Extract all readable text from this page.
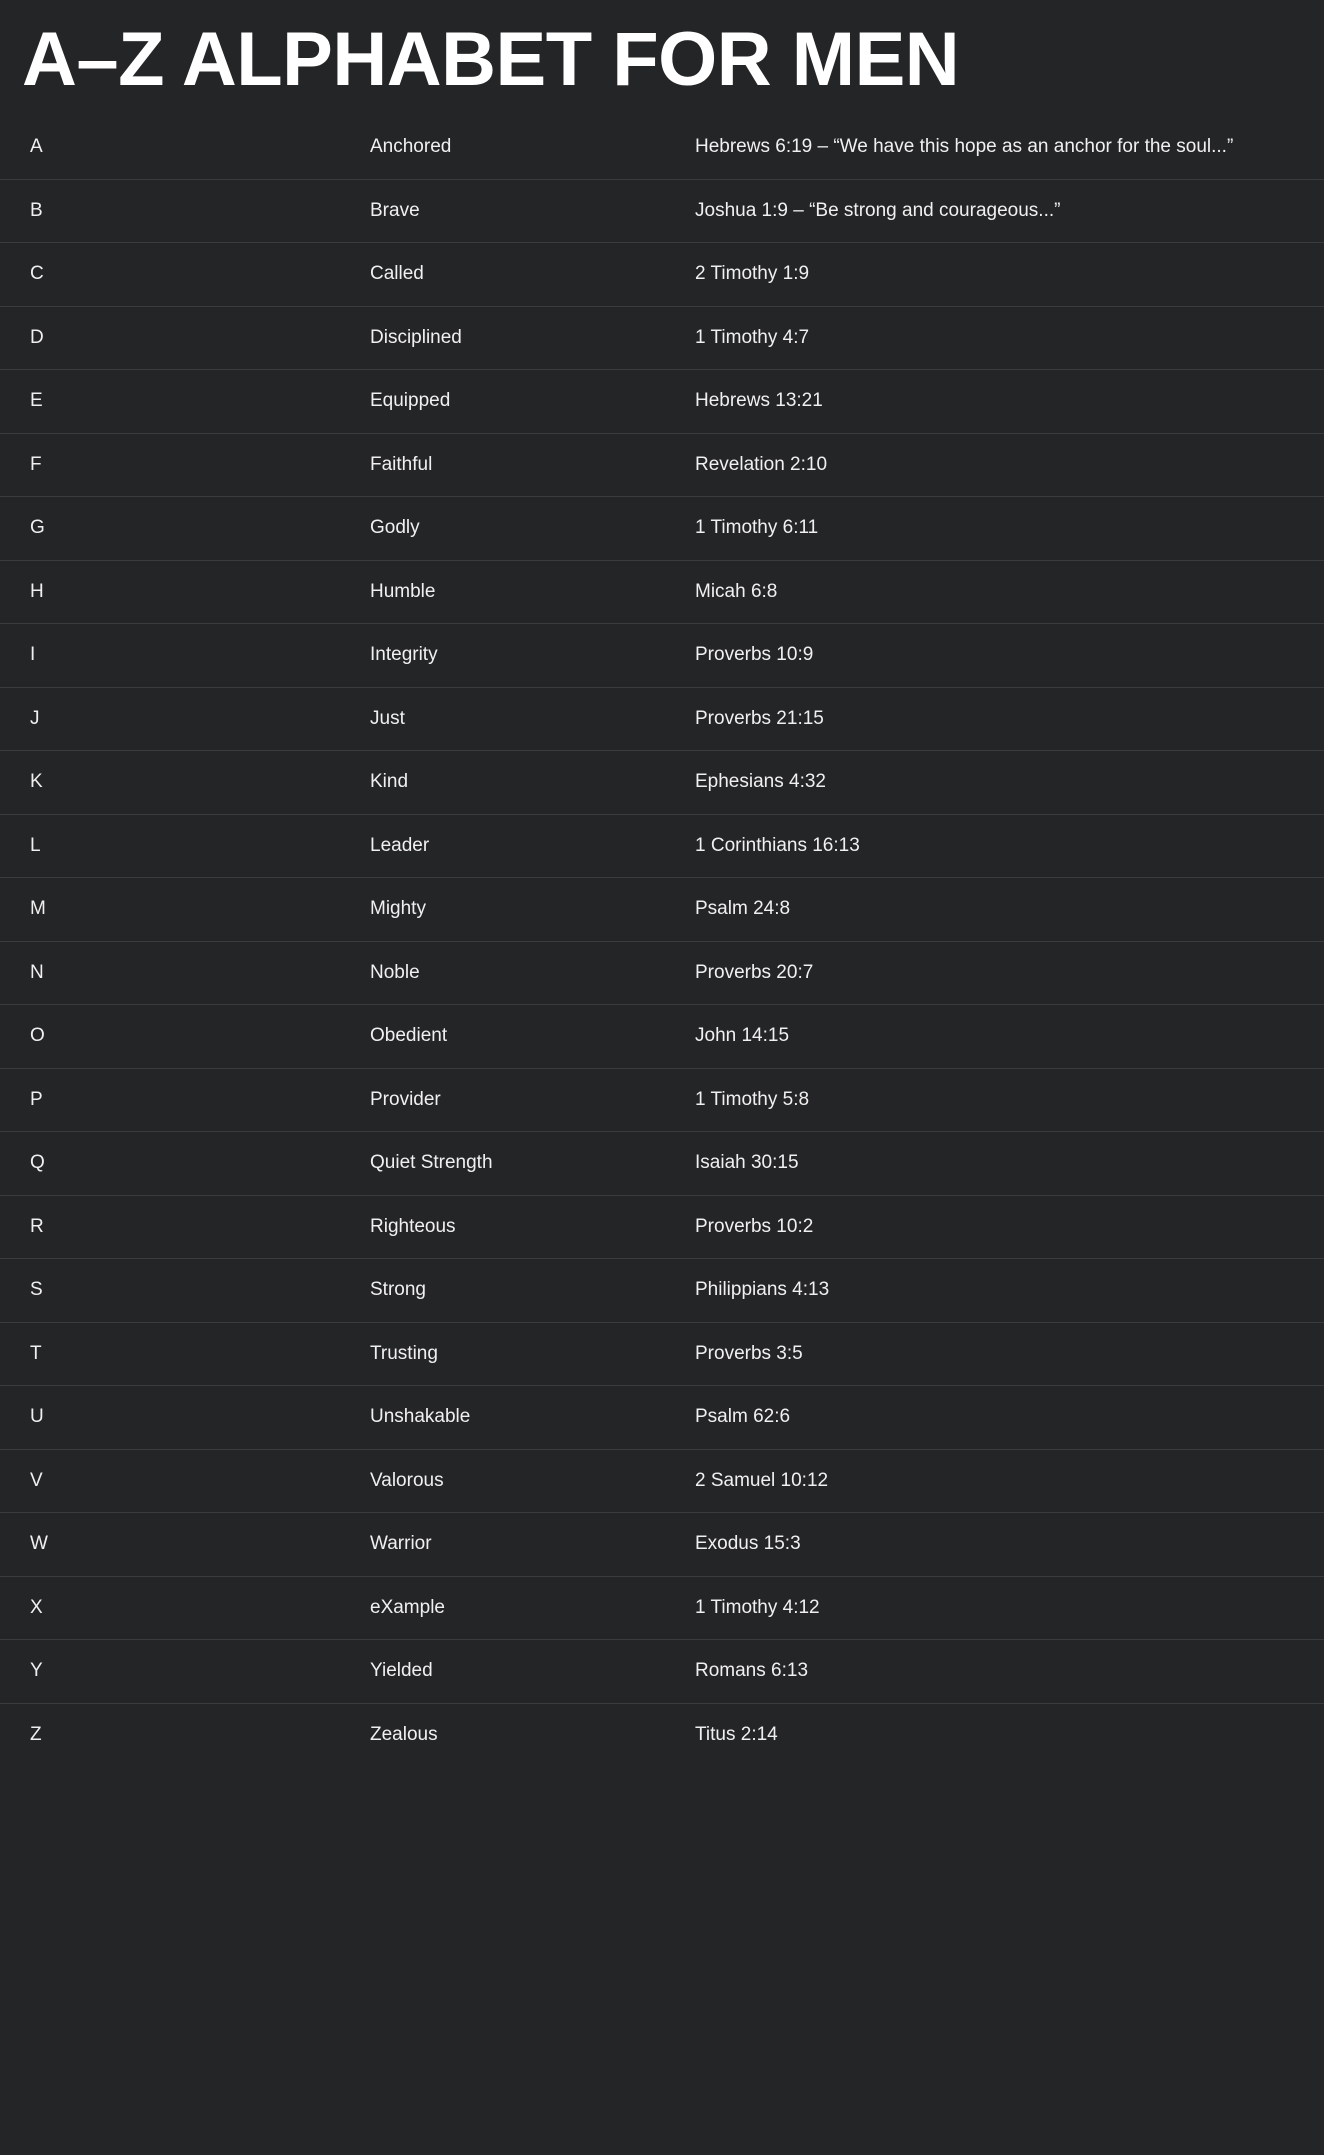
A–Z ALPHABET FOR MEN
A	Anchored	Hebrews 6:19 – “We have this hope as an anchor for the soul...”
B	Brave	Joshua 1:9 – “Be strong and courageous...”
C	Called	2 Timothy 1:9
D	Disciplined	1 Timothy 4:7
E	Equipped	Hebrews 13:21
F	Faithful	Revelation 2:10
G	Godly	1 Timothy 6:11
H	Humble	Micah 6:8
I	Integrity	Proverbs 10:9
J	Just	Proverbs 21:15
K	Kind	Ephesians 4:32
L	Leader	1 Corinthians 16:13
M	Mighty	Psalm 24:8
N	Noble	Proverbs 20:7
O	Obedient	John 14:15
P	Provider	1 Timothy 5:8
Q	Quiet Strength	Isaiah 30:15
R	Righteous	Proverbs 10:2
S	Strong	Philippians 4:13
T	Trusting	Proverbs 3:5
U	Unshakable	Psalm 62:6
V	Valorous	2 Samuel 10:12
W	Warrior	Exodus 15:3
X	eXample	1 Timothy 4:12
Y	Yielded	Romans 6:13
Z	Zealous	Titus 2:14
